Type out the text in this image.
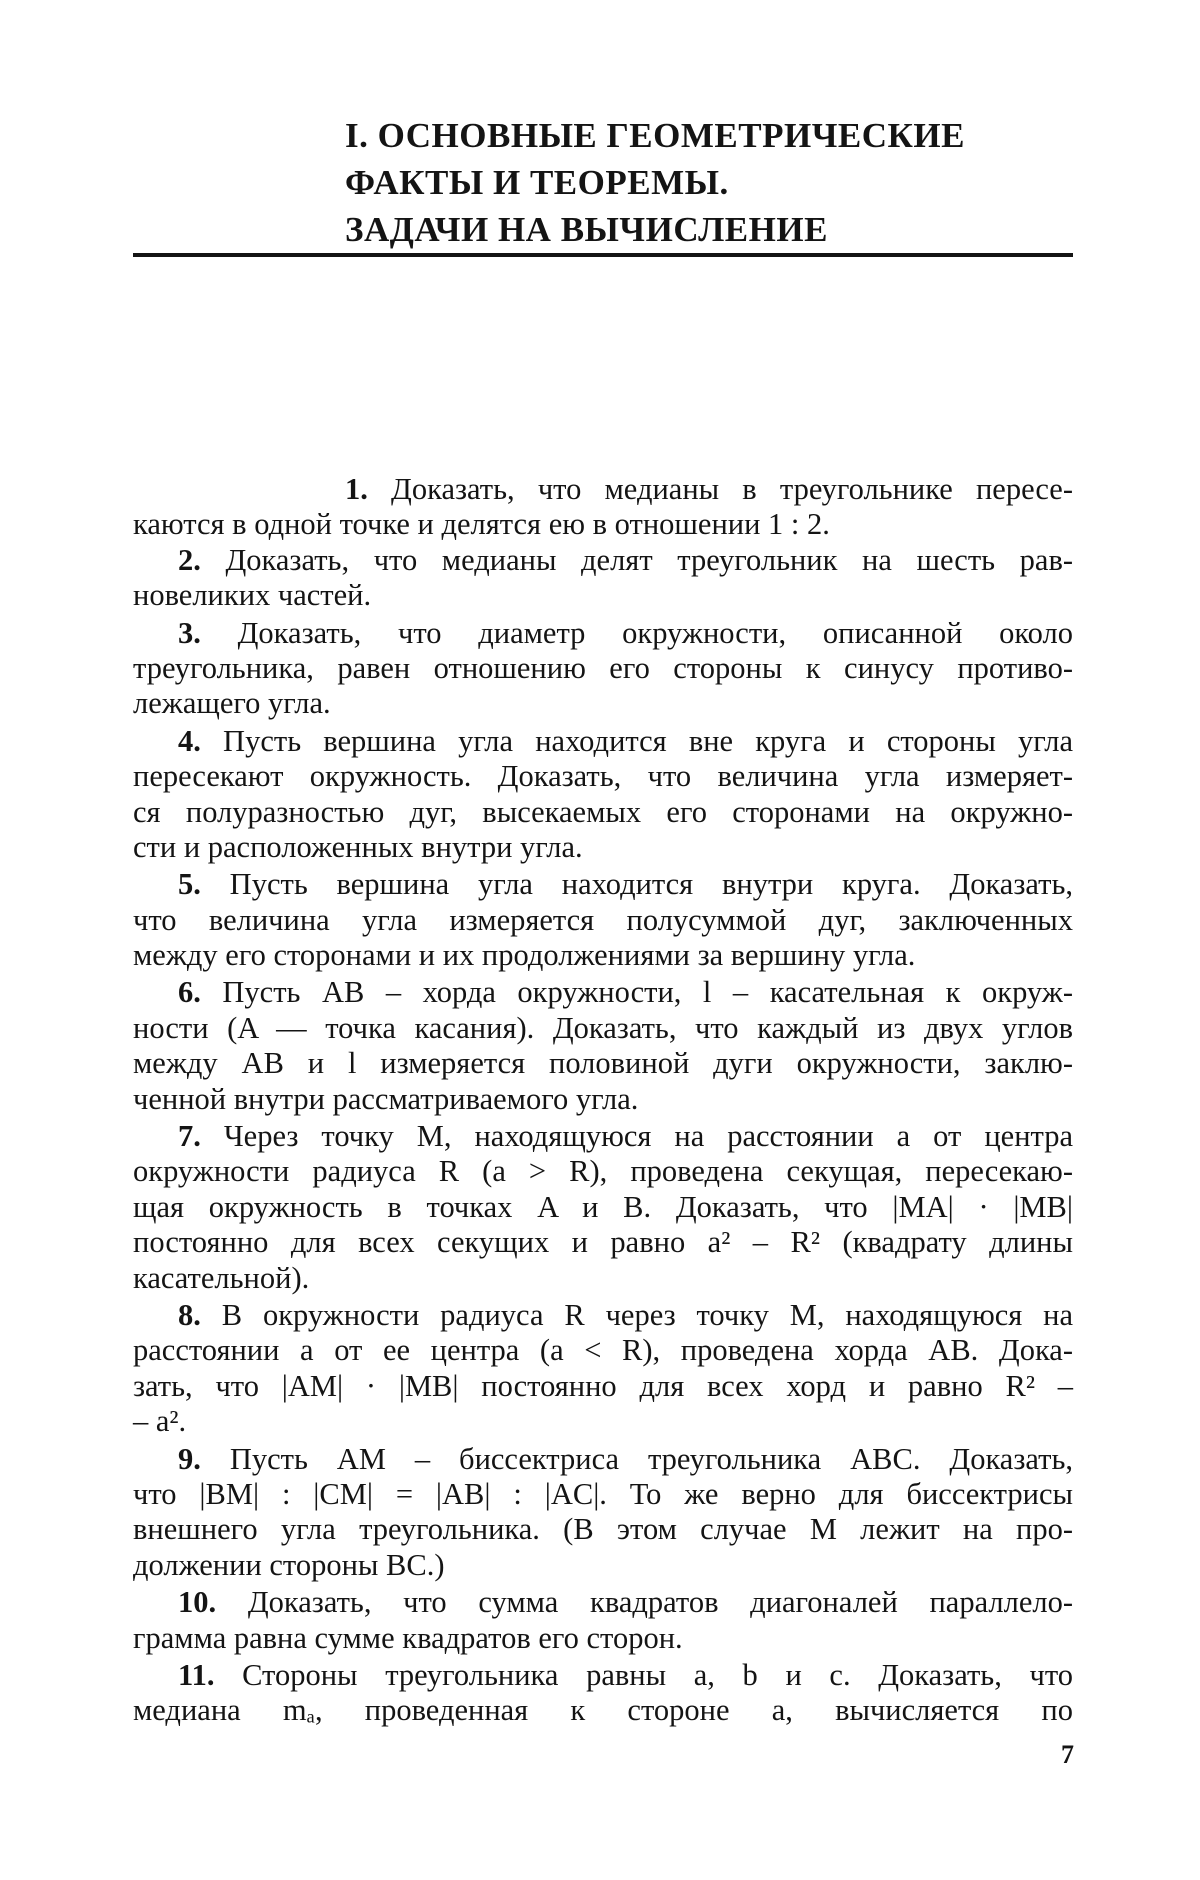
I. ОСНОВНЫЕ ГЕОМЕТРИЧЕСКИЕ
ФАКТЫ И ТЕОРЕМЫ.
ЗАДАЧИ НА ВЫЧИСЛЕНИЕ
1. Доказать, что медианы в треугольнике пересе-
каются в одной точке и делятся ею в отношении 1 : 2.
2. Доказать, что медианы делят треугольник на шесть рав-
новеликих частей.
3. Доказать, что диаметр окружности, описанной около
треугольника, равен отношению его стороны к синусу противо-
лежащего угла.
4. Пусть вершина угла находится вне круга и стороны угла
пересекают окружность. Доказать, что величина угла измеряет-
ся полуразностью дуг, высекаемых его сторонами на окружно-
сти и расположенных внутри угла.
5. Пусть вершина угла находится внутри круга. Доказать,
что величина угла измеряется полусуммой дуг, заключенных
между его сторонами и их продолжениями за вершину угла.
6. Пусть AB – хорда окружности, l – касательная к окруж-
ности (A — точка касания). Доказать, что каждый из двух углов
между AB и l измеряется половиной дуги окружности, заклю-
ченной внутри рассматриваемого угла.
7. Через точку M, находящуюся на расстоянии a от центра
окружности радиуса R (a > R), проведена секущая, пересекаю-
щая окружность в точках A и B. Доказать, что |MA| · |MB|
постоянно для всех секущих и равно a² – R² (квадрату длины
касательной).
8. В окружности радиуса R через точку M, находящуюся на
расстоянии a от ее центра (a < R), проведена хорда AB. Дока-
зать, что |AM| · |MB| постоянно для всех хорд и равно R² –
– a².
9. Пусть AM – биссектриса треугольника ABC. Доказать,
что |BM| : |CM| = |AB| : |AC|. То же верно для биссектрисы
внешнего угла треугольника. (В этом случае M лежит на про-
должении стороны BC.)
10. Доказать, что сумма квадратов диагоналей параллело-
грамма равна сумме квадратов его сторон.
11. Стороны треугольника равны a, b и c. Доказать, что
медиана mₐ, проведенная к стороне a, вычисляется по
7
